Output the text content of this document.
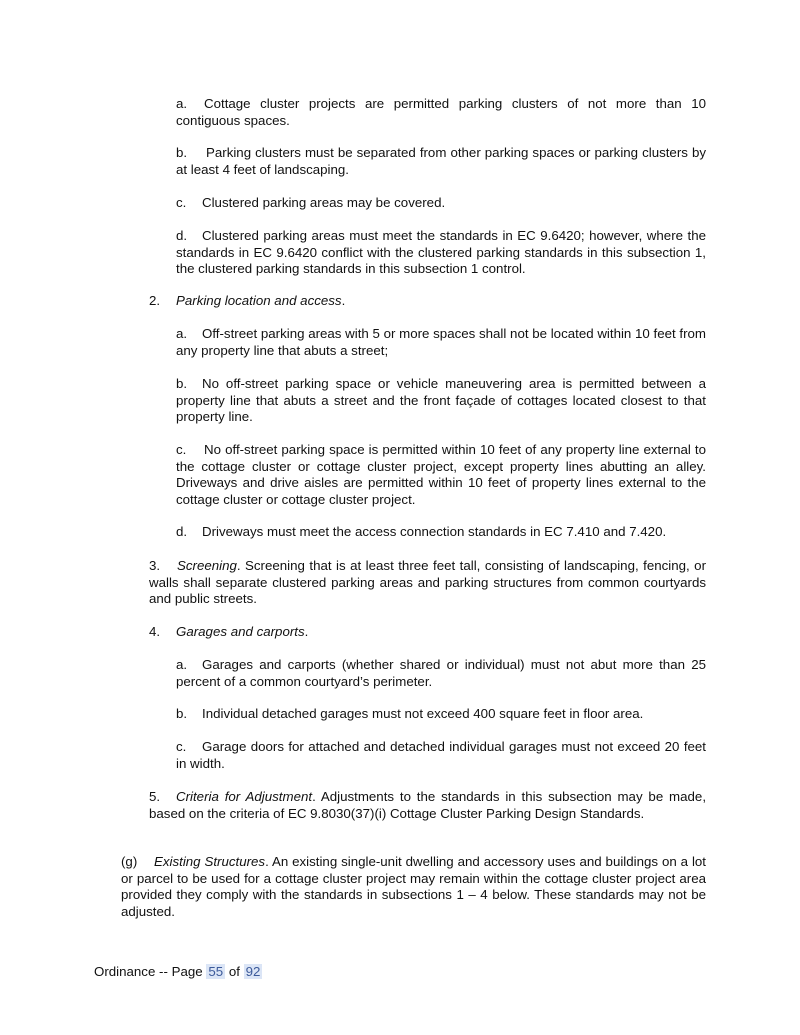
a. Cottage cluster projects are permitted parking clusters of not more than 10 contiguous spaces.

b. Parking clusters must be separated from other parking spaces or parking clusters by at least 4 feet of landscaping.

c. Clustered parking areas may be covered.

d. Clustered parking areas must meet the standards in EC 9.6420; however, where the standards in EC 9.6420 conflict with the clustered parking standards in this subsection 1, the clustered parking standards in this subsection 1 control.

2. Parking location and access.

a. Off-street parking areas with 5 or more spaces shall not be located within 10 feet from any property line that abuts a street;

b. No off-street parking space or vehicle maneuvering area is permitted between a property line that abuts a street and the front façade of cottages located closest to that property line.

c. No off-street parking space is permitted within 10 feet of any property line external to the cottage cluster or cottage cluster project, except property lines abutting an alley. Driveways and drive aisles are permitted within 10 feet of property lines external to the cottage cluster or cottage cluster project.

d. Driveways must meet the access connection standards in EC 7.410 and 7.420.

3. Screening. Screening that is at least three feet tall, consisting of landscaping, fencing, or walls shall separate clustered parking areas and parking structures from common courtyards and public streets.

4. Garages and carports.

a. Garages and carports (whether shared or individual) must not abut more than 25 percent of a common courtyard’s perimeter.

b. Individual detached garages must not exceed 400 square feet in floor area.

c. Garage doors for attached and detached individual garages must not exceed 20 feet in width.

5. Criteria for Adjustment. Adjustments to the standards in this subsection may be made, based on the criteria of EC 9.8030(37)(i) Cottage Cluster Parking Design Standards.

(g) Existing Structures. An existing single-unit dwelling and accessory uses and buildings on a lot or parcel to be used for a cottage cluster project may remain within the cottage cluster project area provided they comply with the standards in subsections 1 – 4 below. These standards may not be adjusted.

Ordinance -- Page 55 of 92
